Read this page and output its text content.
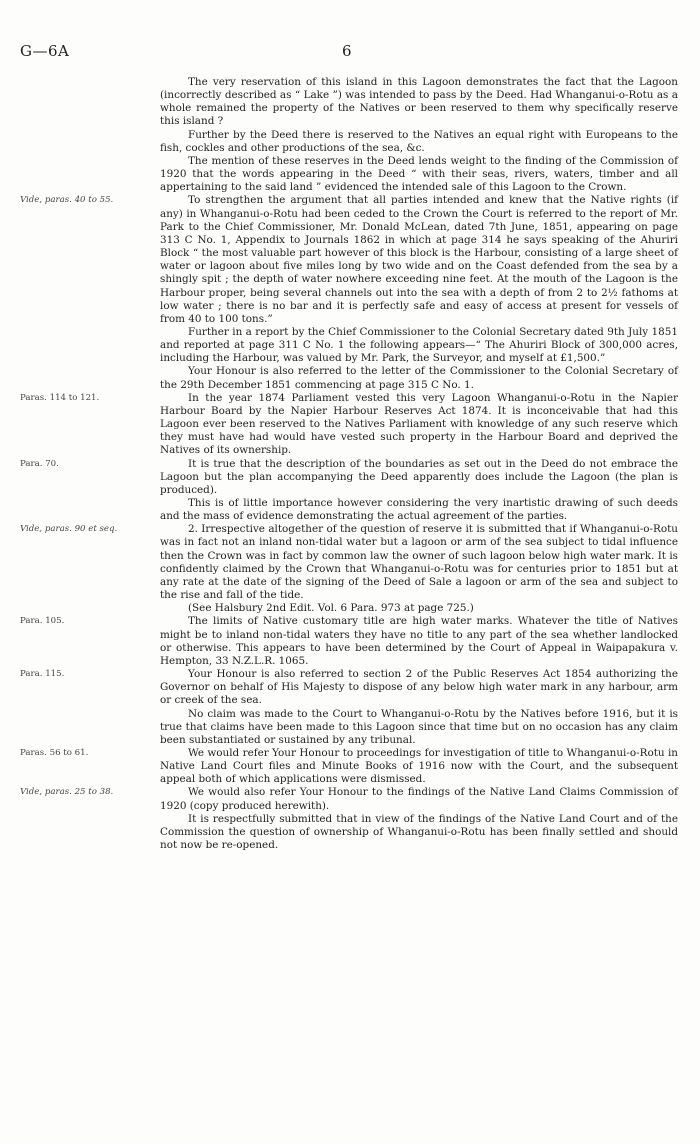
G—6A	6

The very reservation of this island in this Lagoon demonstrates the fact that the Lagoon (incorrectly described as “ Lake ”) was intended to pass by the Deed. Had Whanganui-o-Rotu as a whole remained the property of the Natives or been reserved to them why specifically reserve this island ?

Further by the Deed there is reserved to the Natives an equal right with Europeans to the fish, cockles and other productions of the sea, &c.

The mention of these reserves in the Deed lends weight to the finding of the Commission of 1920 that the words appearing in the Deed “ with their seas, rivers, waters, timber and all appertaining to the said land ” evidenced the intended sale of this Lagoon to the Crown.

Vide, paras. 40 to 55.	To strengthen the argument that all parties intended and knew that the Native rights (if any) in Whanganui-o-Rotu had been ceded to the Crown the Court is referred to the report of Mr. Park to the Chief Commissioner, Mr. Donald McLean, dated 7th June, 1851, appearing on page 313 C No. 1, Appendix to Journals 1862 in which at page 314 he says speaking of the Ahuriri Block “ the most valuable part however of this block is the Harbour, consisting of a large sheet of water or lagoon about five miles long by two wide and on the Coast defended from the sea by a shingly spit ; the depth of water nowhere exceeding nine feet. At the mouth of the Lagoon is the Harbour proper, being several channels out into the sea with a depth of from 2 to 2½ fathoms at low water ; there is no bar and it is perfectly safe and easy of access at present for vessels of from 40 to 100 tons.”

Further in a report by the Chief Commissioner to the Colonial Secretary dated 9th July 1851 and reported at page 311 C No. 1 the following appears—“ The Ahuriri Block of 300,000 acres, including the Harbour, was valued by Mr. Park, the Surveyor, and myself at £1,500.”

Your Honour is also referred to the letter of the Commissioner to the Colonial Secretary of the 29th December 1851 commencing at page 315 C No. 1.

Paras. 114 to 121.	In the year 1874 Parliament vested this very Lagoon Whanganui-o-Rotu in the Napier Harbour Board by the Napier Harbour Reserves Act 1874. It is inconceivable that had this Lagoon ever been reserved to the Natives Parliament with knowledge of any such reserve which they must have had would have vested such property in the Harbour Board and deprived the Natives of its ownership.

Para. 70.	It is true that the description of the boundaries as set out in the Deed do not embrace the Lagoon but the plan accompanying the Deed apparently does include the Lagoon (the plan is produced).

This is of little importance however considering the very inartistic drawing of such deeds and the mass of evidence demonstrating the actual agreement of the parties.

Vide, paras. 90 et seq.	2. Irrespective altogether of the question of reserve it is submitted that if Whanganui-o-Rotu was in fact not an inland non-tidal water but a lagoon or arm of the sea subject to tidal influence then the Crown was in fact by common law the owner of such lagoon below high water mark. It is confidently claimed by the Crown that Whanganui-o-Rotu was for centuries prior to 1851 but at any rate at the date of the signing of the Deed of Sale a lagoon or arm of the sea and subject to the rise and fall of the tide.

(See Halsbury 2nd Edit. Vol. 6 Para. 973 at page 725.)

Para. 105.	The limits of Native customary title are high water marks. Whatever the title of Natives might be to inland non-tidal waters they have no title to any part of the sea whether landlocked or otherwise. This appears to have been determined by the Court of Appeal in Waipapakura v. Hempton, 33 N.Z.L.R. 1065.

Para. 115.	Your Honour is also referred to section 2 of the Public Reserves Act 1854 authorizing the Governor on behalf of His Majesty to dispose of any below high water mark in any harbour, arm or creek of the sea.

No claim was made to the Court to Whanganui-o-Rotu by the Natives before 1916, but it is true that claims have been made to this Lagoon since that time but on no occasion has any claim been substantiated or sustained by any tribunal.

Paras. 56 to 61.	We would refer Your Honour to proceedings for investigation of title to Whanganui-o-Rotu in Native Land Court files and Minute Books of 1916 now with the Court, and the subsequent appeal both of which applications were dismissed.

Vide, paras. 25 to 38.	We would also refer Your Honour to the findings of the Native Land Claims Commission of 1920 (copy produced herewith).

It is respectfully submitted that in view of the findings of the Native Land Court and of the Commission the question of ownership of Whanganui-o-Rotu has been finally settled and should not now be re-opened.
